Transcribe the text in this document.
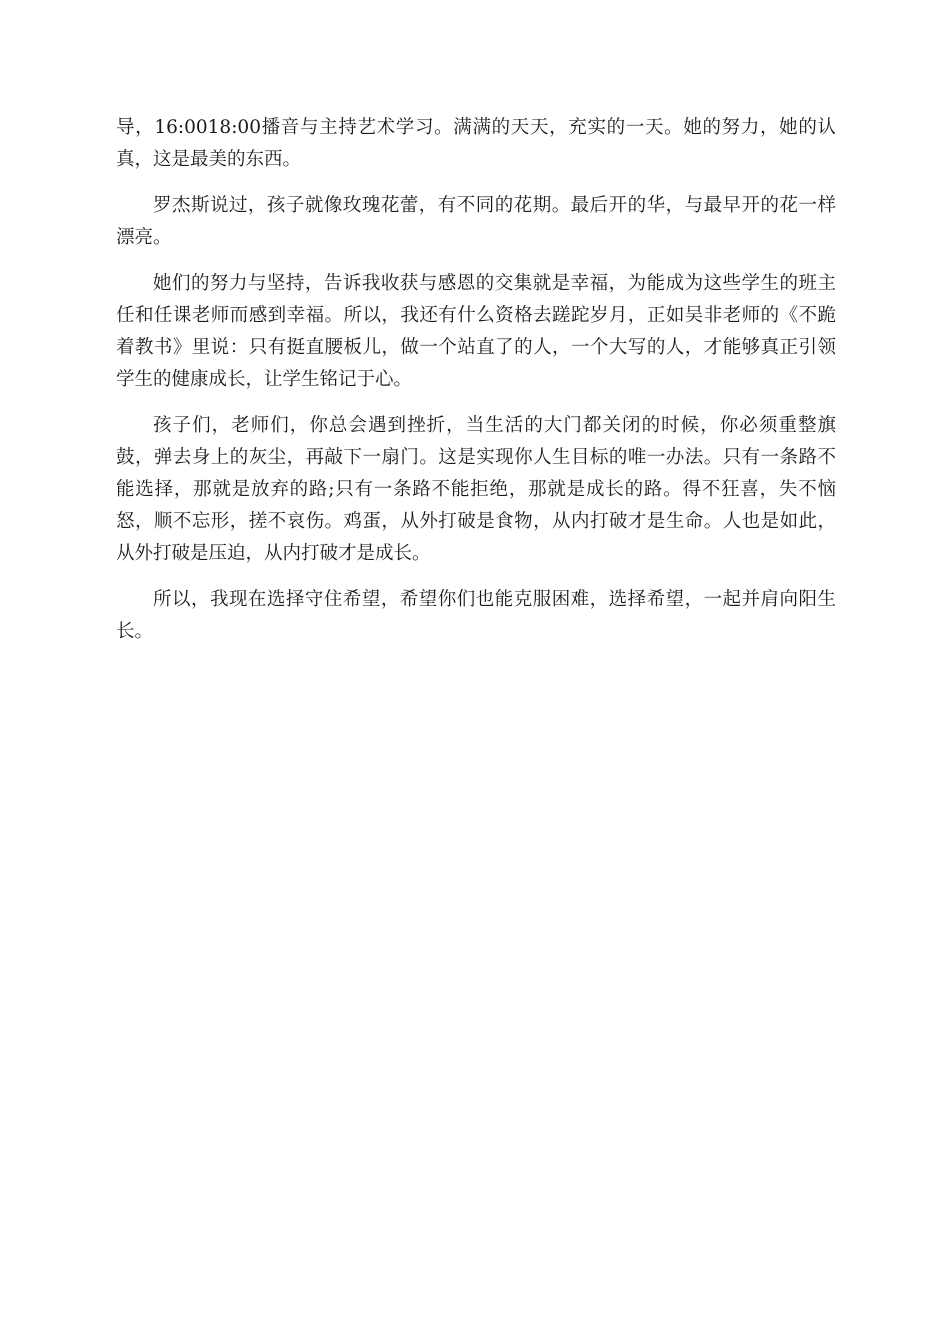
导，16:0018:00播音与主持艺术学习。满满的天天，充实的一天。她的努力，她的认真，这是最美的东西。

罗杰斯说过，孩子就像玫瑰花蕾，有不同的花期。最后开的华，与最早开的花一样漂亮。

她们的努力与坚持，告诉我收获与感恩的交集就是幸福，为能成为这些学生的班主任和任课老师而感到幸福。所以，我还有什么资格去蹉跎岁月，正如吴非老师的《不跪着教书》里说：只有挺直腰板儿，做一个站直了的人，一个大写的人，才能够真正引领学生的健康成长，让学生铭记于心。

孩子们，老师们，你总会遇到挫折，当生活的大门都关闭的时候，你必须重整旗鼓，弹去身上的灰尘，再敲下一扇门。这是实现你人生目标的唯一办法。只有一条路不能选择，那就是放弃的路;只有一条路不能拒绝，那就是成长的路。得不狂喜，失不恼怒，顺不忘形，搓不哀伤。鸡蛋，从外打破是食物，从内打破才是生命。人也是如此，从外打破是压迫，从内打破才是成长。

所以，我现在选择守住希望，希望你们也能克服困难，选择希望，一起并肩向阳生长。
